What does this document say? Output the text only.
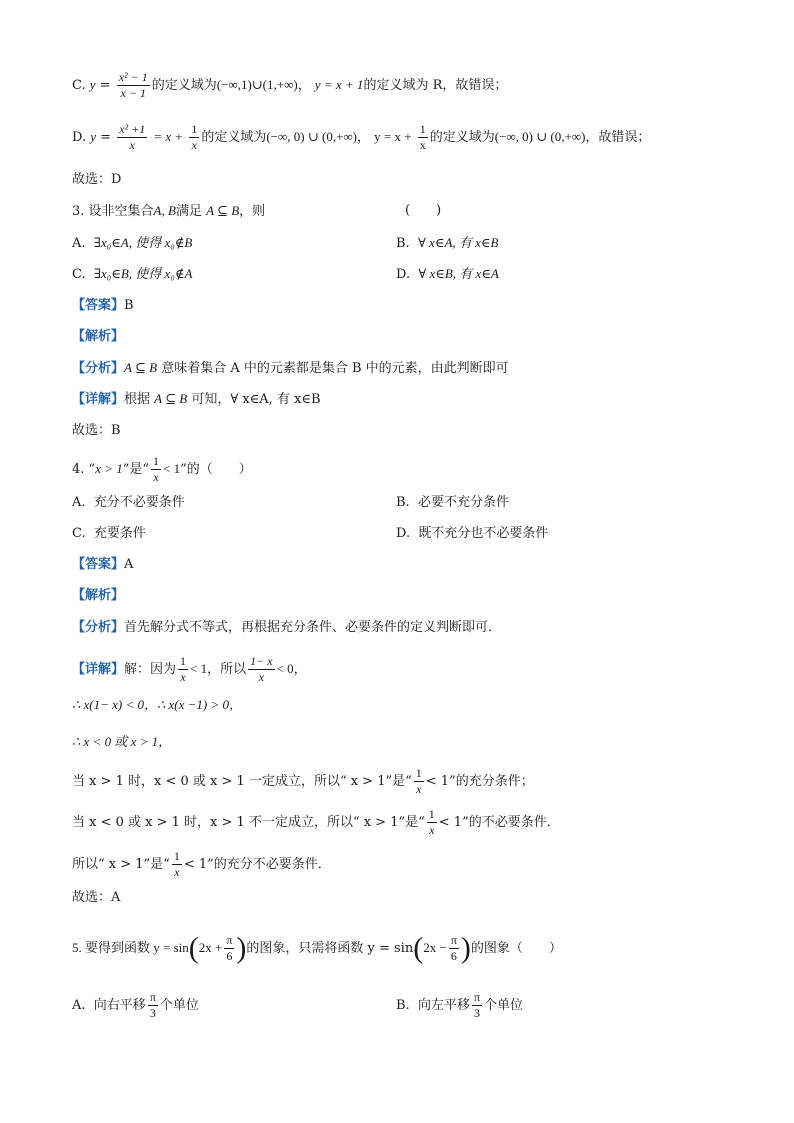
C. $y = \frac{\text{x² − 1}}{x - 1}$ 的定义域为(−∞,1)∪(1,+∞)， y = x + 1的定义域为 R，故错误；
D. $y = \frac{\text{x² +1}}{x} = x + \frac{1}{x}$ 的定义域为(−∞, 0) ∪ (0,+∞)， $y = x + \frac{1}{x}$ 的定义域为(−∞, 0) ∪ (0,+∞)，故错误；
故选：D
3. 设非空集合A, B满足 A ⊆ B，则	(　　)
A. ∃x₀∈A, 使得 x₀∉B	B. ∀ x∈A, 有 x∈B
C. ∃x₀∈B, 使得 x₀∉A	D. ∀ x∈B, 有 x∈A
【答案】B
【解析】
【分析】A ⊆ B 意味着集合 A 中的元素都是集合 B 中的元素，由此判断即可
【详解】根据 A ⊆ B 可知，∀ x∈A, 有 x∈B
故选：B
4. “x > 1”是“ $\frac{1}{x} < 1$”的（　　）
A. 充分不必要条件	B. 必要不充分条件
C. 充要条件	D. 既不充分也不必要条件
【答案】A
【解析】
【分析】首先解分式不等式，再根据充分条件、必要条件的定义判断即可．
【详解】解：因为 $\frac{1}{x} < 1$，所以 $\frac{1- x}{x} < 0$，
∴ x(1− x) < 0，∴ x(x −1) > 0，
∴ x < 0 或 x > 1，
当 x > 1 时，x < 0 或 x > 1 一定成立，所以“ x > 1”是“ $\frac{1}{x} < 1$”的充分条件；
当 x < 0 或 x > 1 时，x > 1 不一定成立，所以“ x > 1”是“ $\frac{1}{x} < 1$”的不必要条件．
所以“ x > 1”是“ $\frac{1}{x} < 1$”的充分不必要条件．
故选：A
5. 要得到函数 $y = \sin(2x + \frac{\pi}{6}$ )的图象，只需将函数 $y = \sin(2x - \frac{\pi}{6}$ )的图象（　　）
A. 向右平移 $\frac{\pi}{3}$ 个单位	B. 向左平移 $\frac{\pi}{3}$ 个单位
